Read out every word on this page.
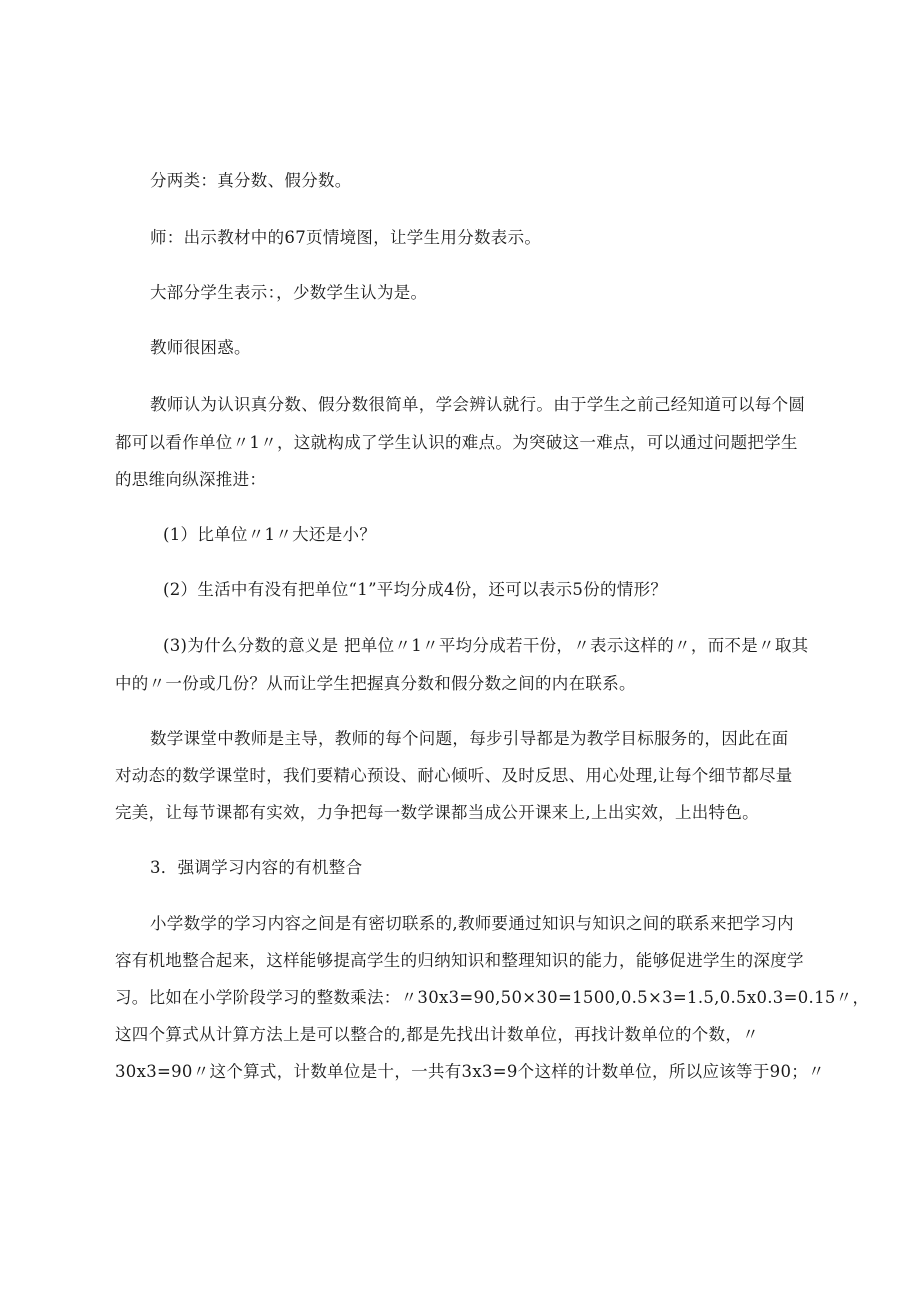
分两类：真分数、假分数。
师：出示教材中的67页情境图，让学生用分数表示。
大部分学生表示：，少数学生认为是。
教师很困惑。
教师认为认识真分数、假分数很简单，学会辨认就行。由于学生之前己经知道可以每个圆
都可以看作单位〃1〃，这就构成了学生认识的难点。为突破这一难点，可以通过问题把学生
的思维向纵深推进：
(1）比单位〃1〃大还是小？
(2）生活中有没有把单位“1”平均分成4份，还可以表示5份的情形？
(3)为什么分数的意义是 把单位〃1〃平均分成若干份，〃表示这样的〃，而不是〃取其
中的〃一份或几份？从而让学生把握真分数和假分数之间的内在联系。
数学课堂中教师是主导，教师的每个问题，每步引导都是为教学目标服务的，因此在面
对动态的数学课堂时，我们要精心预设、耐心倾听、及时反思、用心处理,让每个细节都尽量
完美，让每节课都有实效，力争把每一数学课都当成公开课来上,上出实效，上出特色。
3．强调学习内容的有机整合
小学数学的学习内容之间是有密切联系的,教师要通过知识与知识之间的联系来把学习内
容有机地整合起来，这样能够提高学生的归纳知识和整理知识的能力，能够促进学生的深度学
习。比如在小学阶段学习的整数乘法：〃30x3=90,50×30=1500,0.5×3=1.5,0.5x0.3=0.15〃，
这四个算式从计算方法上是可以整合的,都是先找出计数单位，再找计数单位的个数，〃
30x3=90〃这个算式，计数单位是十，一共有3x3=9个这样的计数单位，所以应该等于90；〃
